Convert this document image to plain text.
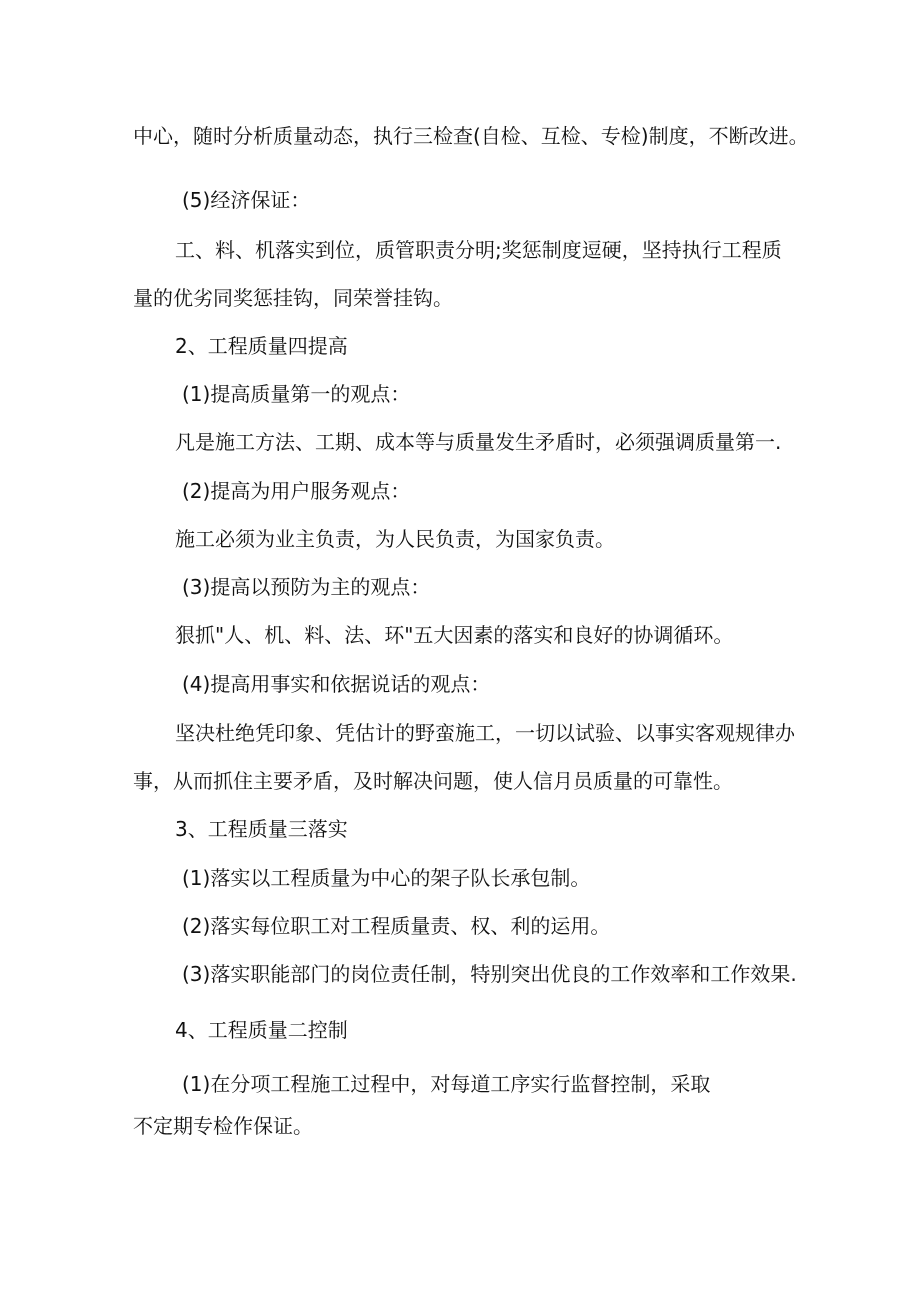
中心，随时分析质量动态，执行三检查(自检、互检、专检)制度，不断改进。
(5)经济保证：
工、料、机落实到位，质管职责分明;奖惩制度逗硬，坚持执行工程质
量的优劣同奖惩挂钩，同荣誉挂钩。
2、工程质量四提高
(1)提高质量第一的观点：
凡是施工方法、工期、成本等与质量发生矛盾时，必须强调质量第一.
(2)提高为用户服务观点：
施工必须为业主负责，为人民负责，为国家负责。
(3)提高以预防为主的观点：
狠抓"人、机、料、法、环"五大因素的落实和良好的协调循环。
(4)提高用事实和依据说话的观点：
坚决杜绝凭印象、凭估计的野蛮施工，一切以试验、以事实客观规律办
事，从而抓住主要矛盾，及时解决问题，使人信月员质量的可靠性。
3、工程质量三落实
(1)落实以工程质量为中心的架子队长承包制。
(2)落实每位职工对工程质量责、权、利的运用。
(3)落实职能部门的岗位责任制，特别突出优良的工作效率和工作效果.
4、工程质量二控制
(1)在分项工程施工过程中，对每道工序实行监督控制，采取
不定期专检作保证。
